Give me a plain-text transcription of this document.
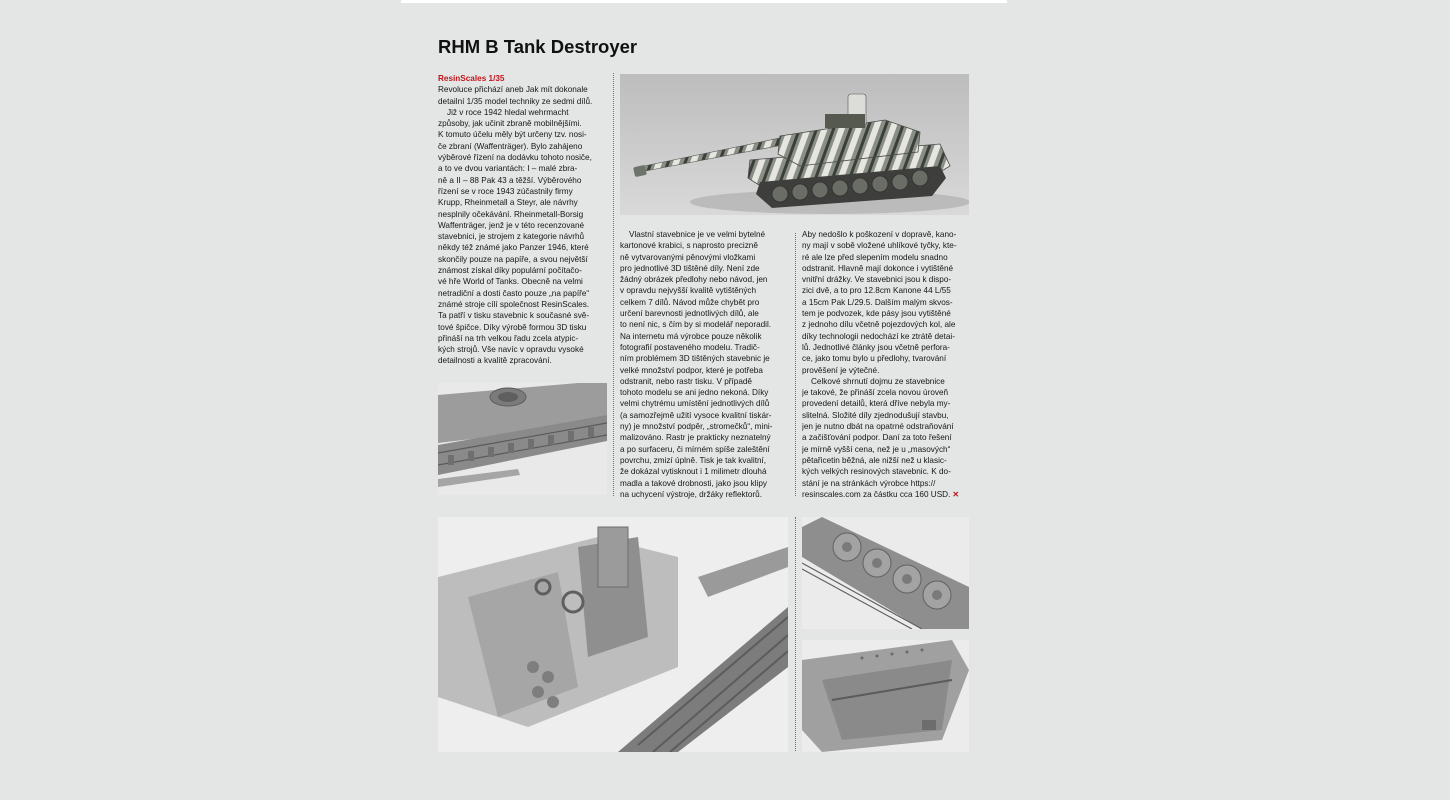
RHM B Tank Destroyer
ResinScales 1/35
Revoluce přichází aneb Jak mít dokonale
detailní 1/35 model techniky ze sedmi dílů.
Již v roce 1942 hledal wehrmacht
způsoby, jak učinit zbraně mobilnějšími.
K tomuto účelu měly být určeny tzv. nosi-
če zbraní (Waffenträger). Bylo zahájeno
výběrové řízení na dodávku tohoto nosiče,
a to ve dvou variantách: I – malé zbra-
ně a II – 88 Pak 43 a těžší. Výběrového
řízení se v roce 1943 zúčastnily firmy
Krupp, Rheinmetall a Steyr, ale návrhy
nesplnily očekávání. Rheinmetall-Borsig
Waffenträger, jenž je v této recenzované
stavebnici, je strojem z kategorie návrhů
někdy též známé jako Panzer 1946, které
skončily pouze na papíře, a svou největší
známost získal díky populární počítačo-
vé hře World of Tanks. Obecně na velmi
netradiční a dosti často pouze „na papíře“
známé stroje cílí společnost ResinScales.
Ta patří v tisku stavebnic k současné svě-
tové špičce. Díky výrobě formou 3D tisku
přináší na trh velkou řadu zcela atypic-
kých strojů. Vše navíc v opravdu vysoké
detailnosti a kvalitě zpracování.
Vlastní stavebnice je ve velmi bytelné
kartonové krabici, s naprosto precizně
ně vytvarovanými pěnovými vložkami
pro jednotlivé 3D tištěné díly. Není zde
žádný obrázek předlohy nebo návod, jen
v opravdu nejvyšší kvalitě vytištěných
celkem 7 dílů. Návod může chybět pro
určení barevnosti jednotlivých dílů, ale
to není nic, s čím by si modelář neporadil.
Na internetu má výrobce pouze několik
fotografií postaveného modelu. Tradič-
ním problémem 3D tištěných stavebnic je
velké množství podpor, které je potřeba
odstranit, nebo rastr tisku. V případě
tohoto modelu se ani jedno nekoná. Díky
velmi chytrému umístění jednotlivých dílů
(a samozřejmě užití vysoce kvalitní tiskár-
ny) je množství podpěr, „stromečků“, mini-
malizováno. Rastr je prakticky neznatelný
a po surfaceru, či mírném spíše zaleštění
povrchu, zmizí úplně. Tisk je tak kvalitní,
že dokázal vytisknout i 1 milimetr dlouhá
madla a takové drobnosti, jako jsou klipy
na uchycení výstroje, držáky reflektorů.
Aby nedošlo k poškození v dopravě, kano-
ny mají v sobě vložené uhlíkové tyčky, kte-
ré ale lze před slepením modelu snadno
odstranit. Hlavně mají dokonce i vytištěné
vnitřní drážky. Ve stavebnici jsou k dispo-
zici dvě, a to pro 12.8cm Kanone 44 L/55
a 15cm Pak L/29.5. Dalším malým skvos-
tem je podvozek, kde pásy jsou vytištěné
z jednoho dílu včetně pojezdových kol, ale
díky technologii nedochází ke ztrátě detai-
lů. Jednotlivé články jsou včetně perfora-
ce, jako tomu bylo u předlohy, tvarování
prověšení je výtečné.
Celkové shrnutí dojmu ze stavebnice
je takové, že přináší zcela novou úroveň
provedení detailů, která dříve nebyla my-
slitelná. Složité díly zjednodušují stavbu,
jen je nutno dbát na opatrné odstraňování
a začišťování podpor. Daní za toto řešení
je mírně vyšší cena, než je u „masových“
pětařicetin běžná, ale nižší než u klasic-
kých velkých resinových stavebnic. K do-
stání je na stránkách výrobce https://
resinscales.com za částku cca 160 USD. ✕
